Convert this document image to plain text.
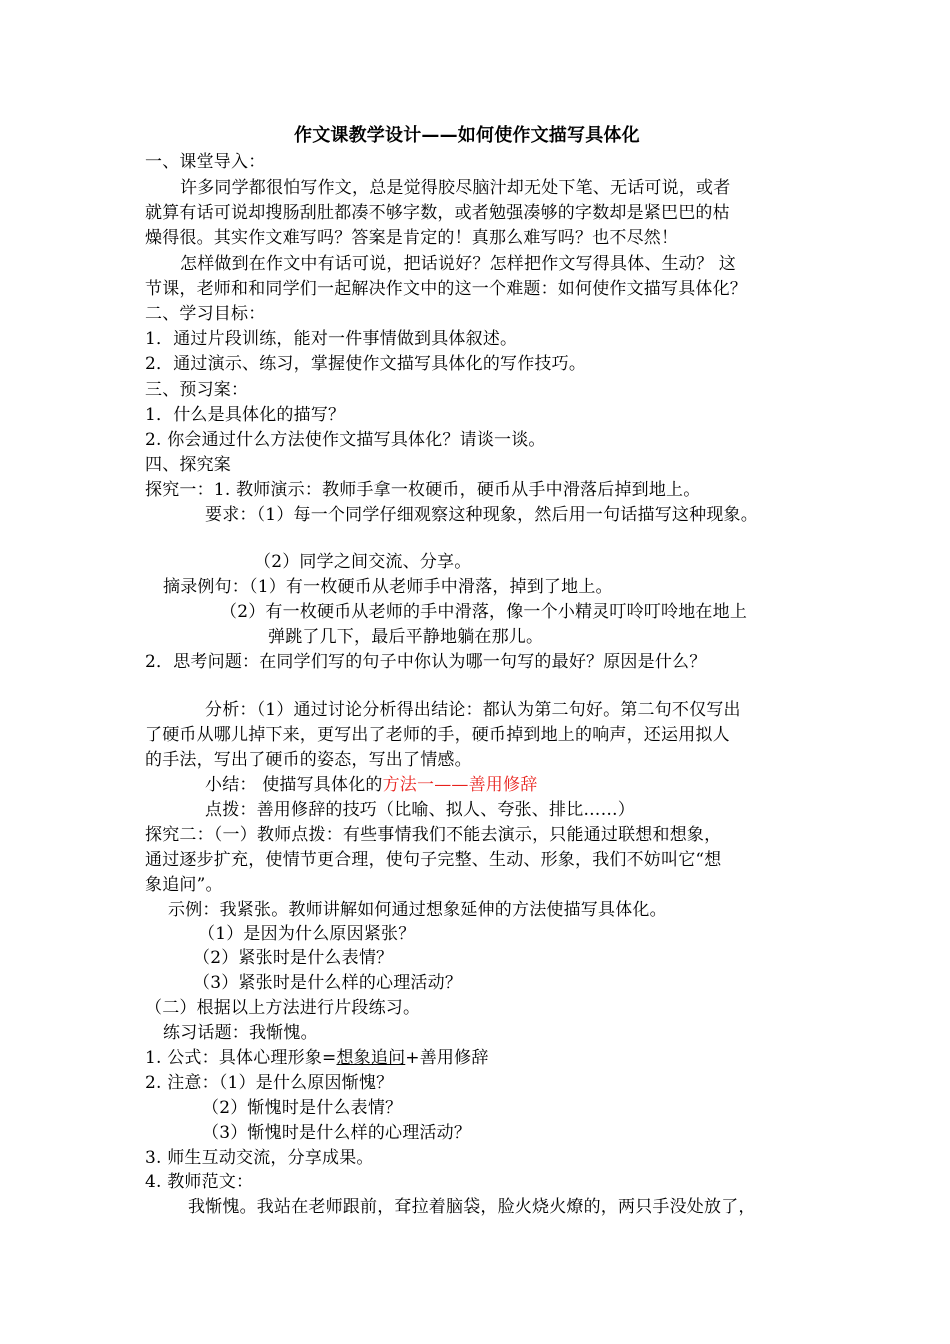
作文课教学设计——如何使作文描写具体化
一、课堂导入：
许多同学都很怕写作文，总是觉得胶尽脑汁却无处下笔、无话可说，或者
就算有话可说却搜肠刮肚都凑不够字数，或者勉强凑够的字数却是紧巴巴的枯
燥得很。其实作文难写吗？答案是肯定的！真那么难写吗？也不尽然！
怎样做到在作文中有话可说，把话说好？怎样把作文写得具体、生动？ 这
节课，老师和和同学们一起解决作文中的这一个难题：如何使作文描写具体化？
二、学习目标：
1．通过片段训练，能对一件事情做到具体叙述。
2．通过演示、练习，掌握使作文描写具体化的写作技巧。
三、预习案：
1．什么是具体化的描写？
2. 你会通过什么方法使作文描写具体化？请谈一谈。
四、探究案
探究一：1. 教师演示：教师手拿一枚硬币，硬币从手中滑落后掉到地上。
要求：（1）每一个同学仔细观察这种现象，然后用一句话描写这种现象。
（2）同学之间交流、分享。
摘录例句：（1）有一枚硬币从老师手中滑落，掉到了地上。
（2）有一枚硬币从老师的手中滑落，像一个小精灵叮呤叮呤地在地上
弹跳了几下，最后平静地躺在那儿。
2．思考问题：在同学们写的句子中你认为哪一句写的最好？原因是什么？
分析：（1）通过讨论分析得出结论：都认为第二句好。第二句不仅写出
了硬币从哪儿掉下来，更写出了老师的手，硬币掉到地上的响声，还运用拟人
的手法，写出了硬币的姿态，写出了情感。
小结： 使描写具体化的方法一——善用修辞
点拨：善用修辞的技巧（比喻、拟人、夸张、排比……）
探究二：（一）教师点拨：有些事情我们不能去演示，只能通过联想和想象，
通过逐步扩充，使情节更合理，使句子完整、生动、形象，我们不妨叫它“想
象追问”。
示例：我紧张。教师讲解如何通过想象延伸的方法使描写具体化。
（1）是因为什么原因紧张？
（2）紧张时是什么表情？
（3）紧张时是什么样的心理活动？
（二）根据以上方法进行片段练习。
练习话题：我惭愧。
1. 公式：具体心理形象=想象追问+善用修辞
2. 注意：（1）是什么原因惭愧？
（2）惭愧时是什么表情？
（3）惭愧时是什么样的心理活动？
3. 师生互动交流，分享成果。
4. 教师范文：
我惭愧。我站在老师跟前，耷拉着脑袋，脸火烧火燎的，两只手没处放了，
